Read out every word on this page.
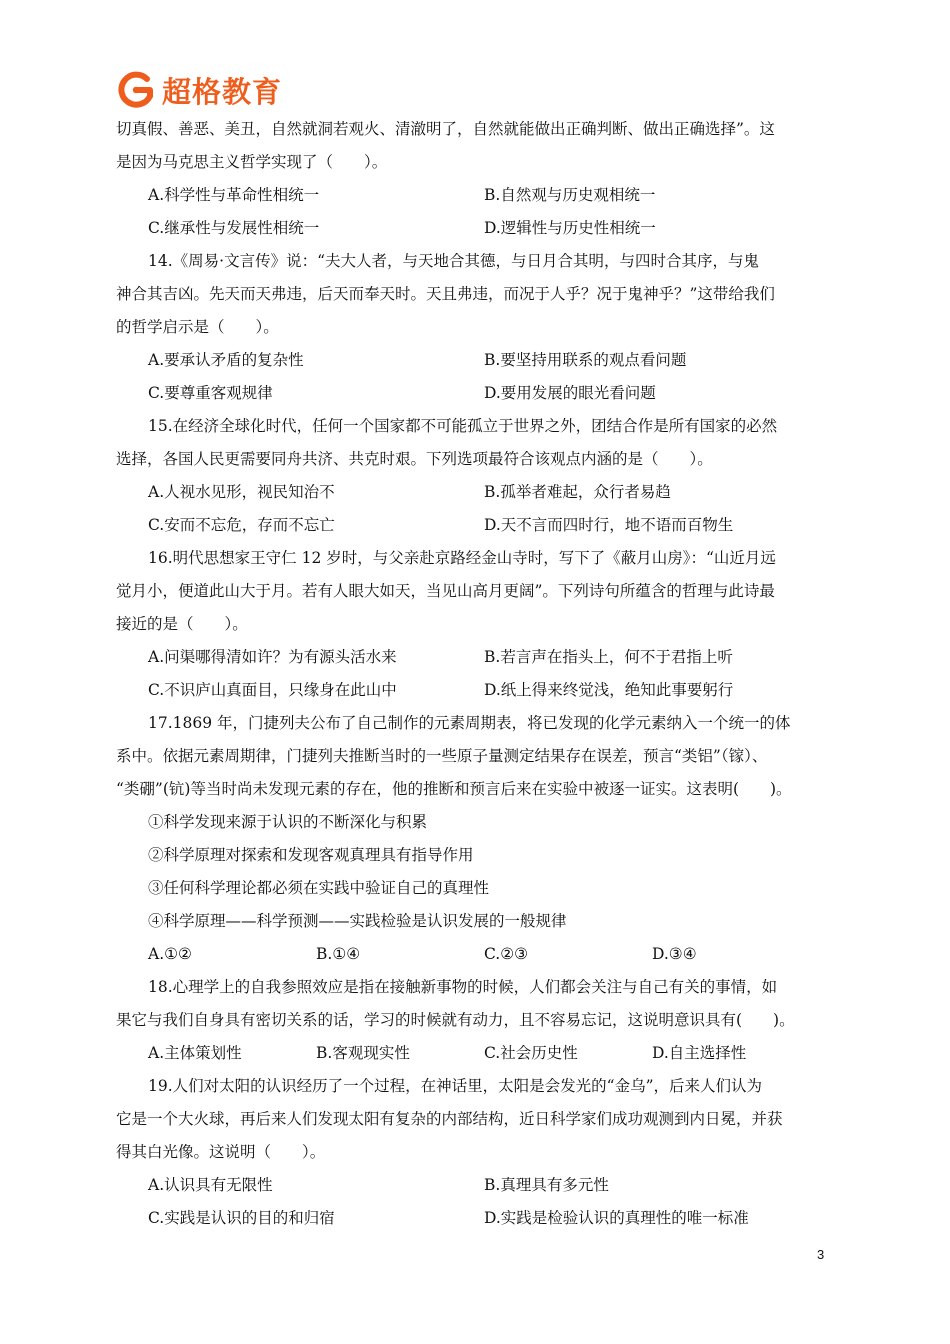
超格教育
切真假、善恶、美丑，自然就洞若观火、清澈明了，自然就能做出正确判断、做出正确选择”。这
是因为马克思主义哲学实现了（　　）。
A.科学性与革命性相统一	B.自然观与历史观相统一
C.继承性与发展性相统一	D.逻辑性与历史性相统一
14.《周易·文言传》说：“夫大人者，与天地合其德，与日月合其明，与四时合其序，与鬼
神合其吉凶。先天而天弗违，后天而奉天时。天且弗违，而况于人乎？况于鬼神乎？”这带给我们
的哲学启示是（　　）。
A.要承认矛盾的复杂性	B.要坚持用联系的观点看问题
C.要尊重客观规律	D.要用发展的眼光看问题
15.在经济全球化时代，任何一个国家都不可能孤立于世界之外，团结合作是所有国家的必然
选择，各国人民更需要同舟共济、共克时艰。下列选项最符合该观点内涵的是（　　）。
A.人视水见形，视民知治不	B.孤举者难起，众行者易趋
C.安而不忘危，存而不忘亡	D.天不言而四时行，地不语而百物生
16.明代思想家王守仁 12 岁时，与父亲赴京路经金山寺时，写下了《蔽月山房》：“山近月远
觉月小，便道此山大于月。若有人眼大如天，当见山高月更阔”。下列诗句所蕴含的哲理与此诗最
接近的是（　　）。
A.问渠哪得清如许？为有源头活水来	B.若言声在指头上，何不于君指上听
C.不识庐山真面目，只缘身在此山中	D.纸上得来终觉浅，绝知此事要躬行
17.1869 年，门捷列夫公布了自己制作的元素周期表，将已发现的化学元素纳入一个统一的体
系中。依据元素周期律，门捷列夫推断当时的一些原子量测定结果存在误差，预言“类铝”（镓）、
“类硼”(钪)等当时尚未发现元素的存在，他的推断和预言后来在实验中被逐一证实。这表明(　　)。
①科学发现来源于认识的不断深化与积累
②科学原理对探索和发现客观真理具有指导作用
③任何科学理论都必须在实践中验证自己的真理性
④科学原理——科学预测——实践检验是认识发展的一般规律
A.①②	B.①④	C.②③	D.③④
18.心理学上的自我参照效应是指在接触新事物的时候，人们都会关注与自己有关的事情，如
果它与我们自身具有密切关系的话，学习的时候就有动力，且不容易忘记，这说明意识具有(　　)。
A.主体策划性	B.客观现实性	C.社会历史性	D.自主选择性
19.人们对太阳的认识经历了一个过程，在神话里，太阳是会发光的“金乌”，后来人们认为
它是一个大火球，再后来人们发现太阳有复杂的内部结构，近日科学家们成功观测到内日冕，并获
得其白光像。这说明（　　）。
A.认识具有无限性	B.真理具有多元性
C.实践是认识的目的和归宿	D.实践是检验认识的真理性的唯一标准
3
